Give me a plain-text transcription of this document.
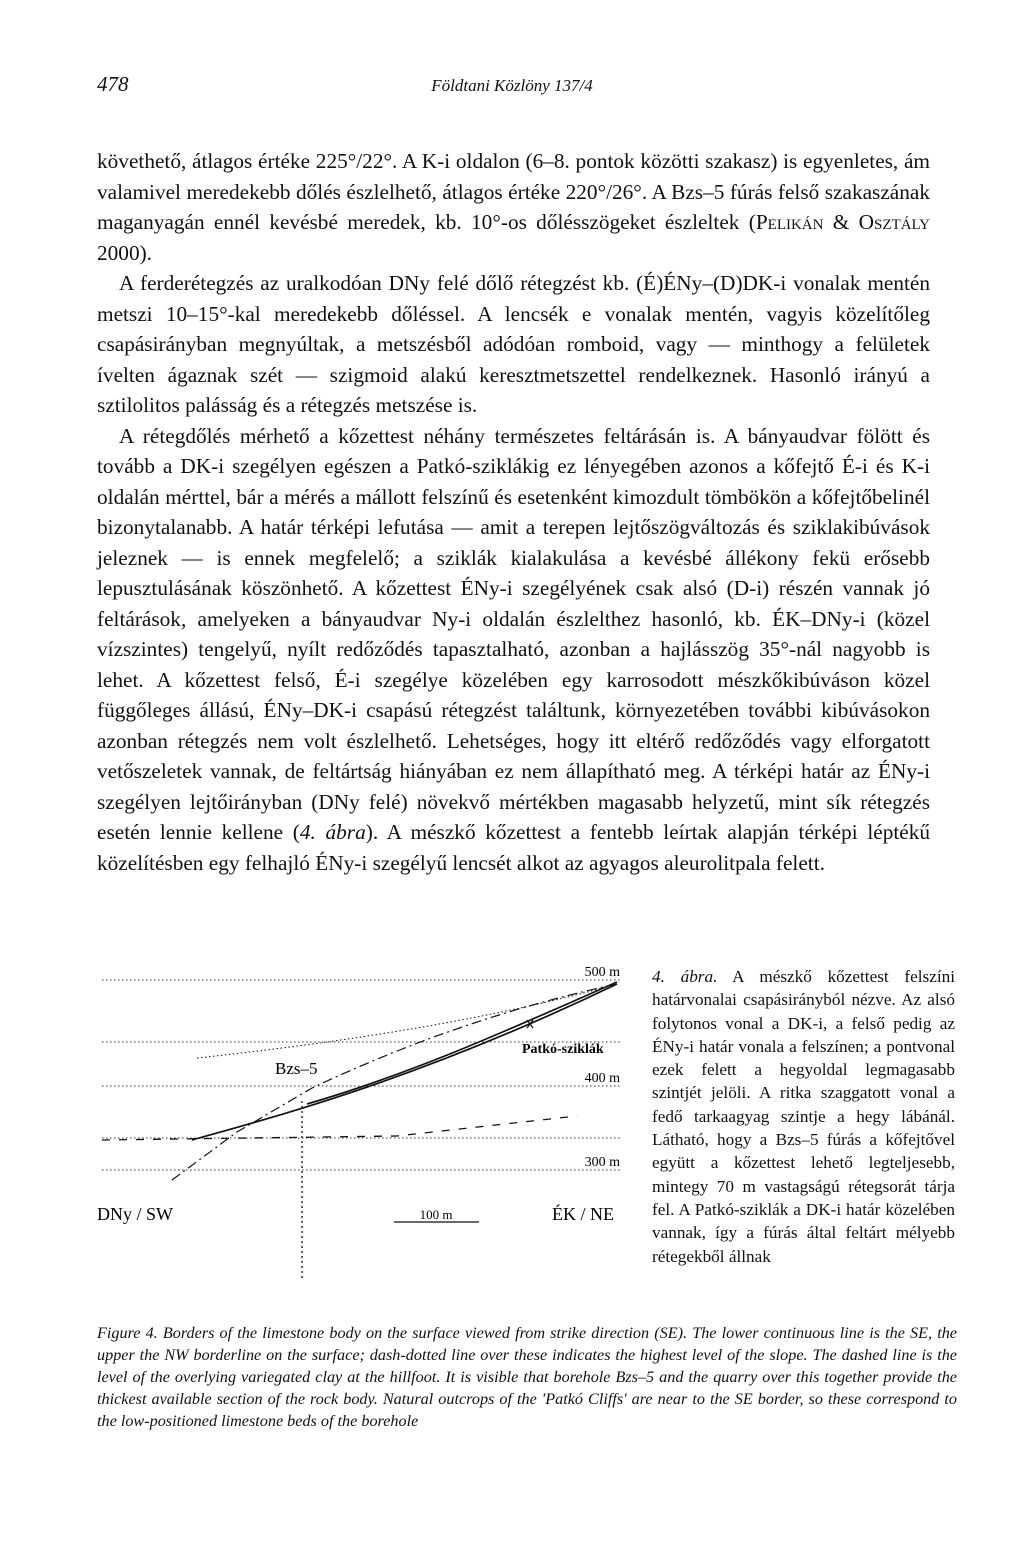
478	Földtani Közlöny 137/4

követhető, átlagos értéke 225°/22°. A K-i oldalon (6–8. pontok közötti szakasz) is egyenletes, ám valamivel meredekebb dőlés észlelhető, átlagos értéke 220°/26°. A Bzs–5 fúrás felső szakaszának maganyagán ennél kevésbé meredek, kb. 10°-os dőlésszögeket észleltek (Pelikán & Osztály 2000).

A ferderétegzés az uralkodóan DNy felé dőlő rétegzést kb. (É)ÉNy–(D)DK-i vonalak mentén metszi 10–15°-kal meredekebb dőléssel. A lencsék e vonalak mentén, vagyis közelítőleg csapásirányban megnyúltak, a metszésből adódóan romboid, vagy — minthogy a felületek ívelten ágaznak szét — szigmoid alakú keresztmetszettel rendelkeznek. Hasonló irányú a sztilolitos palásság és a rétegzés metszése is.

A rétegdőlés mérhető a kőzettest néhány természetes feltárásán is. A bányaudvar fölött és tovább a DK-i szegélyen egészen a Patkó-sziklákig ez lényegében azonos a kőfejtő É-i és K-i oldalán mérttel, bár a mérés a mállott felszínű és esetenként kimozdult tömbökön a kőfejtőbelinél bizonytalanabb. A határ térképi lefutása — amit a terepen lejtőszögváltozás és sziklakibúvások jeleznek — is ennek megfelelő; a sziklák kialakulása a kevésbé állékony fekü erősebb lepusztulásának köszönhető. A kőzettest ÉNy-i szegélyének csak alsó (D-i) részén vannak jó feltárások, amelyeken a bányaudvar Ny-i oldalán észlelthez hasonló, kb. ÉK–DNy-i (közel vízszintes) tengelyű, nyílt redőződés tapasztalható, azonban a hajlásszög 35°-nál nagyobb is lehet. A kőzettest felső, É-i szegélye közelében egy karrosodott mészkőkibúváson közel függőleges állású, ÉNy–DK-i csapású rétegzést találtunk, környezetében további kibúvásokon azonban rétegzés nem volt észlelhető. Lehetséges, hogy itt eltérő redőződés vagy elforgatott vetőszeletek vannak, de feltártság hiányában ez nem állapítható meg. A térképi határ az ÉNy-i szegélyen lejtőirányban (DNy felé) növekvő mértékben magasabb helyzetű, mint sík rétegzés esetén lennie kellene (4. ábra). A mészkő kőzettest a fentebb leírtak alapján térképi léptékű közelítésben egy felhajló ÉNy-i szegélyű lencsét alkot az agyagos aleurolitpala felett.

500 m
400 m
300 m
Bzs–5
Patkó-sziklák
DNy / SW	ÉK / NE
100 m
4. ábra. A mészkő kőzettest felszíni határvonalai csapásirányból nézve. Az alsó folytonos vonal a DK-i, a felső pedig az ÉNy-i határ vonala a felszínen; a pontvonal ezek felett a hegyoldal legmagasabb szintjét jelöli. A ritka szaggatott vonal a fedő tarkaagyag szintje a hegy lábánál. Látható, hogy a Bzs–5 fúrás a kőfejtővel együtt a kőzettest lehető legteljesebb, mintegy 70 m vastagságú rétegsorát tárja fel. A Patkó-sziklák a DK-i határ közelében vannak, így a fúrás által feltárt mélyebb rétegekből állnak
Figure 4. Borders of the limestone body on the surface viewed from strike direction (SE). The lower continuous line is the SE, the upper the NW borderline on the surface; dash-dotted line over these indicates the highest level of the slope. The dashed line is the level of the overlying variegated clay at the hillfoot. It is visible that borehole Bzs–5 and the quarry over this together provide the thickest available section of the rock body. Natural outcrops of the 'Patkó Cliffs' are near to the SE border, so these correspond to the low-positioned limestone beds of the borehole
